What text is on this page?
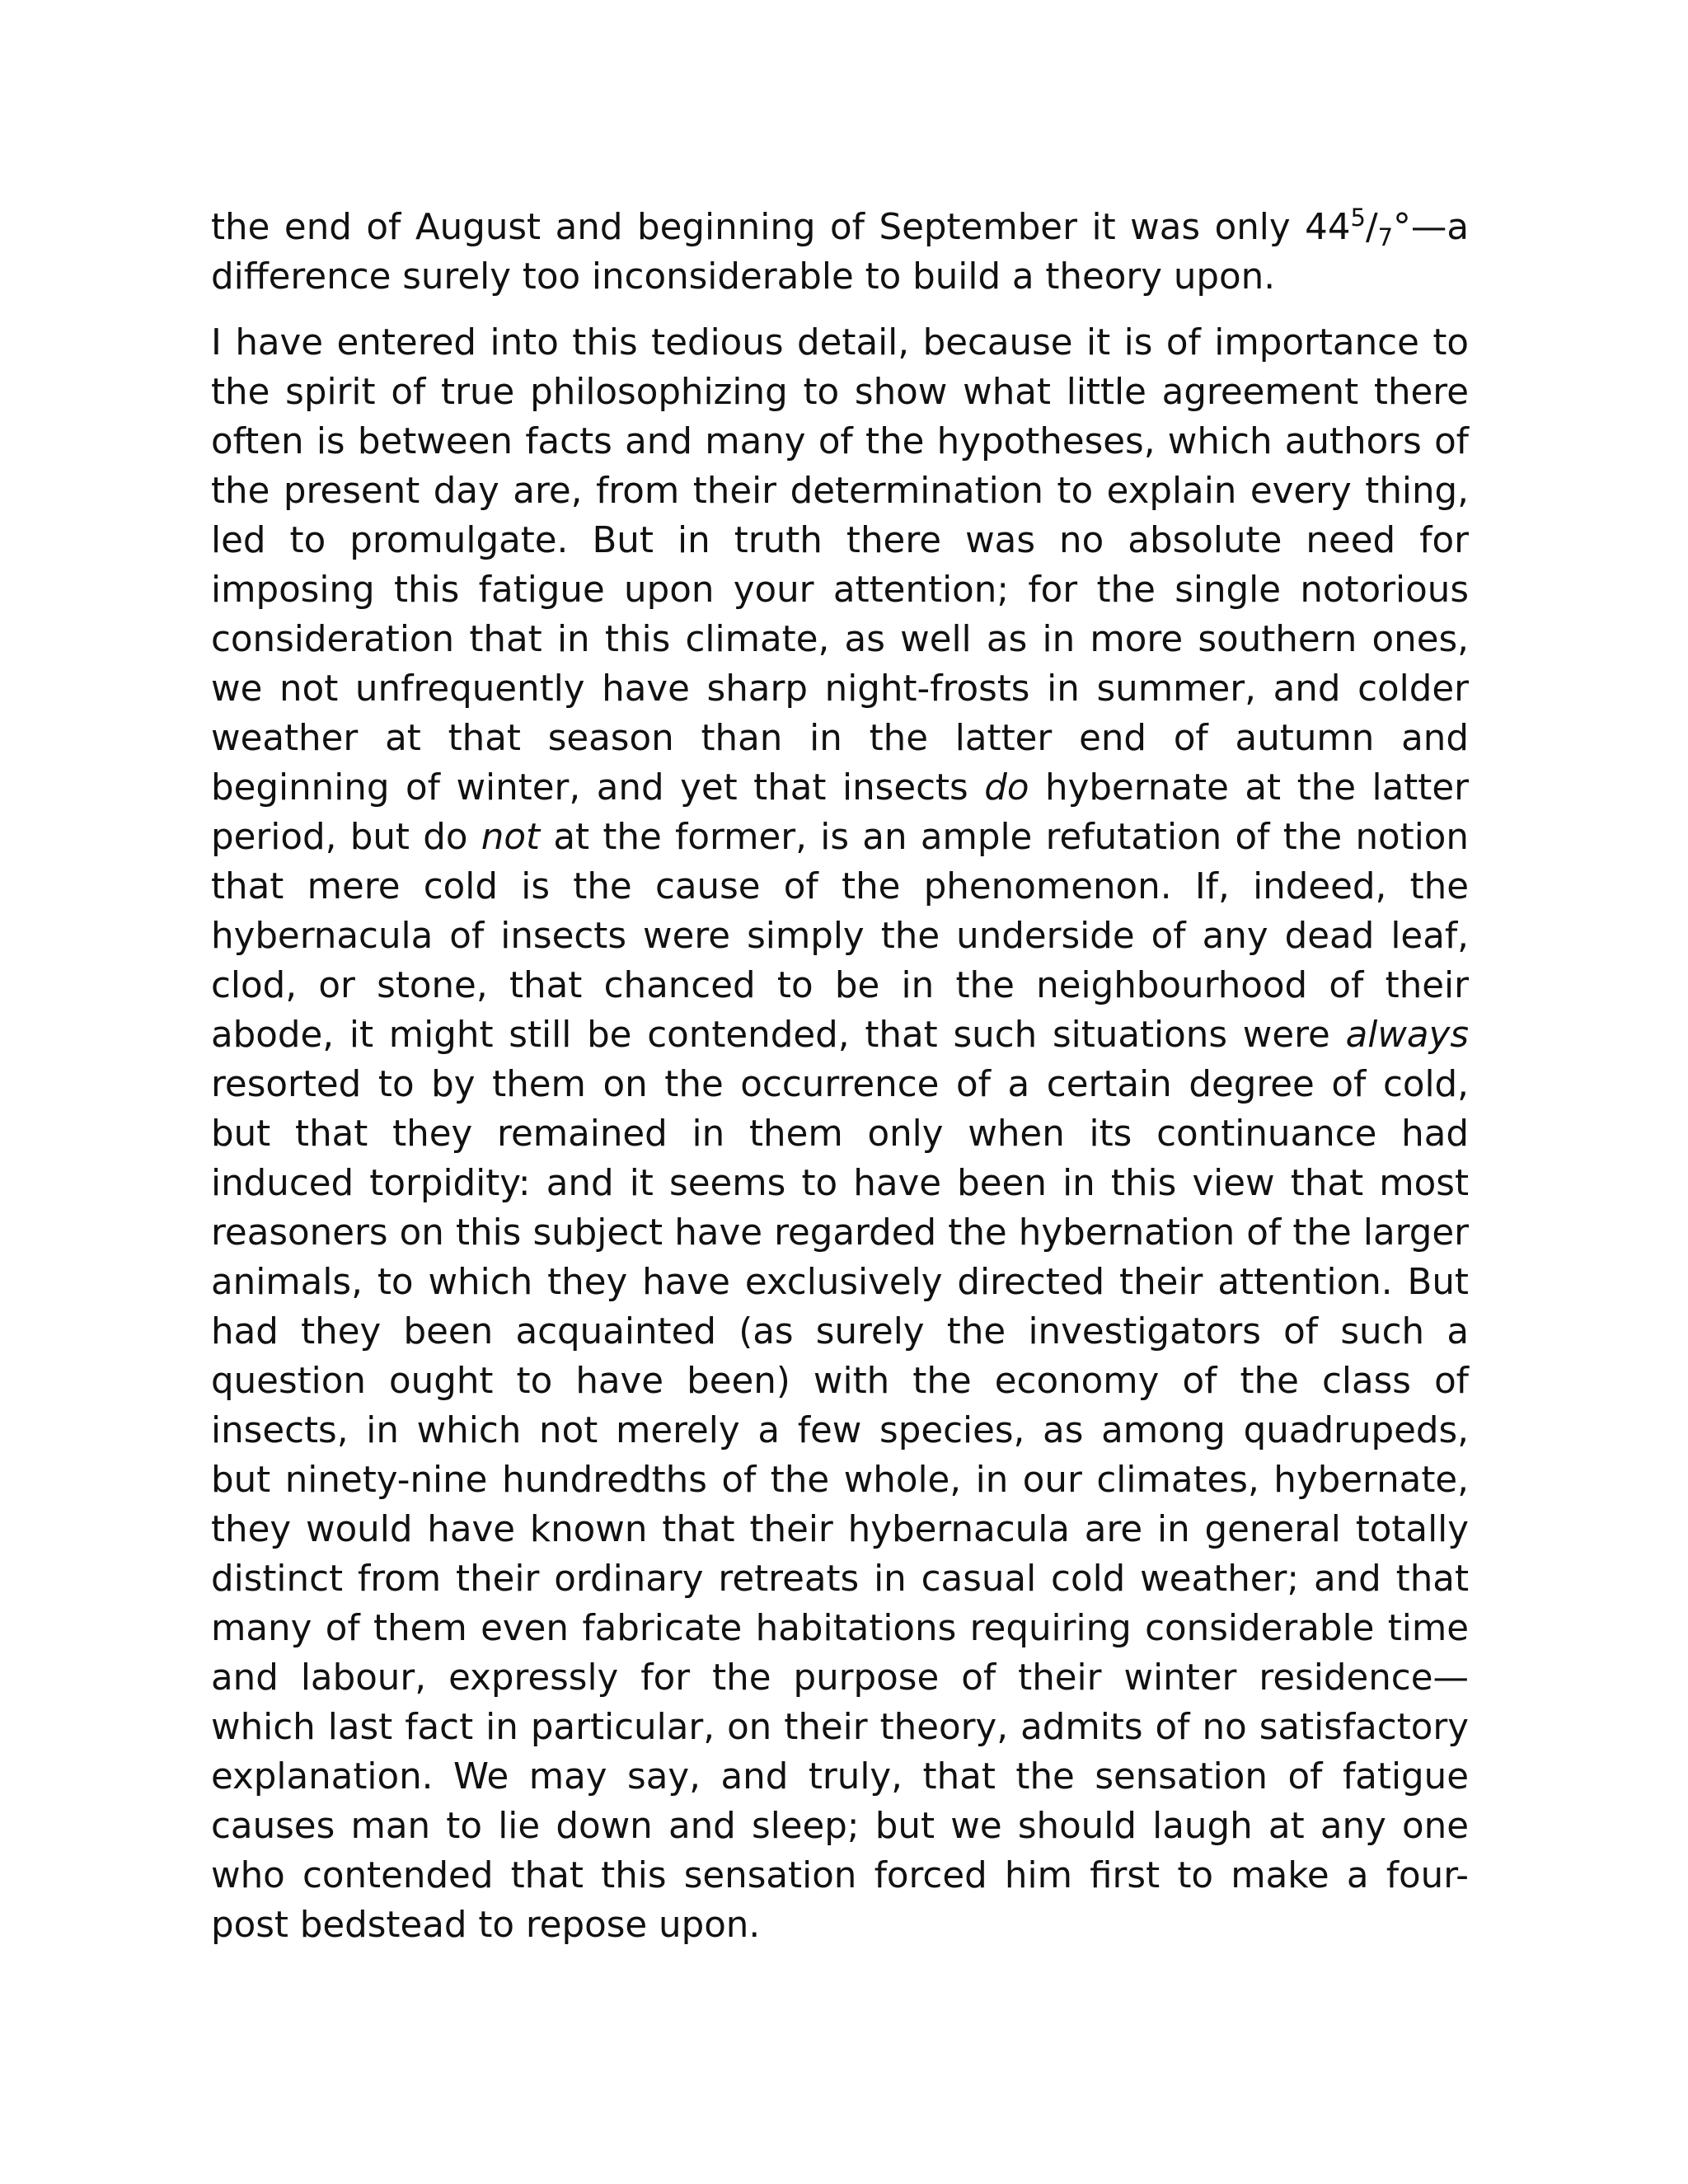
the end of August and beginning of September it was only $44^5/_7^\circ—a$ difference surely too inconsiderable to build a theory upon.

I have entered into this tedious detail, because it is of importance to the spirit of true philosophizing to show what little agreement there often is between facts and many of the hypotheses, which authors of the present day are, from their determination to explain every thing, led to promulgate. But in truth there was no absolute need for imposing this fatigue upon your attention; for the single notorious consideration that in this climate, as well as in more southern ones, we not unfrequently have sharp night-frosts in summer, and colder weather at that season than in the latter end of autumn and beginning of winter, and yet that insects do hybernate at the latter period, but do not at the former, is an ample refutation of the notion that mere cold is the cause of the phenomenon. If, indeed, the hybernacula of insects were simply the underside of any dead leaf, clod, or stone, that chanced to be in the neighbourhood of their abode, it might still be contended, that such situations were always resorted to by them on the occurrence of a certain degree of cold, but that they remained in them only when its continuance had induced torpidity: and it seems to have been in this view that most reasoners on this subject have regarded the hybernation of the larger animals, to which they have exclusively directed their attention. But had they been acquainted (as surely the investigators of such a question ought to have been) with the economy of the class of insects, in which not merely a few species, as among quadrupeds, but ninety-nine hundredths of the whole, in our climates, hybernate, they would have known that their hybernacula are in general totally distinct from their ordinary retreats in casual cold weather; and that many of them even fabricate habitations requiring considerable time and labour, expressly for the purpose of their winter residence—which last fact in particular, on their theory, admits of no satisfactory explanation. We may say, and truly, that the sensation of fatigue causes man to lie down and sleep; but we should laugh at any one who contended that this sensation forced him first to make a four-post bedstead to repose upon.
